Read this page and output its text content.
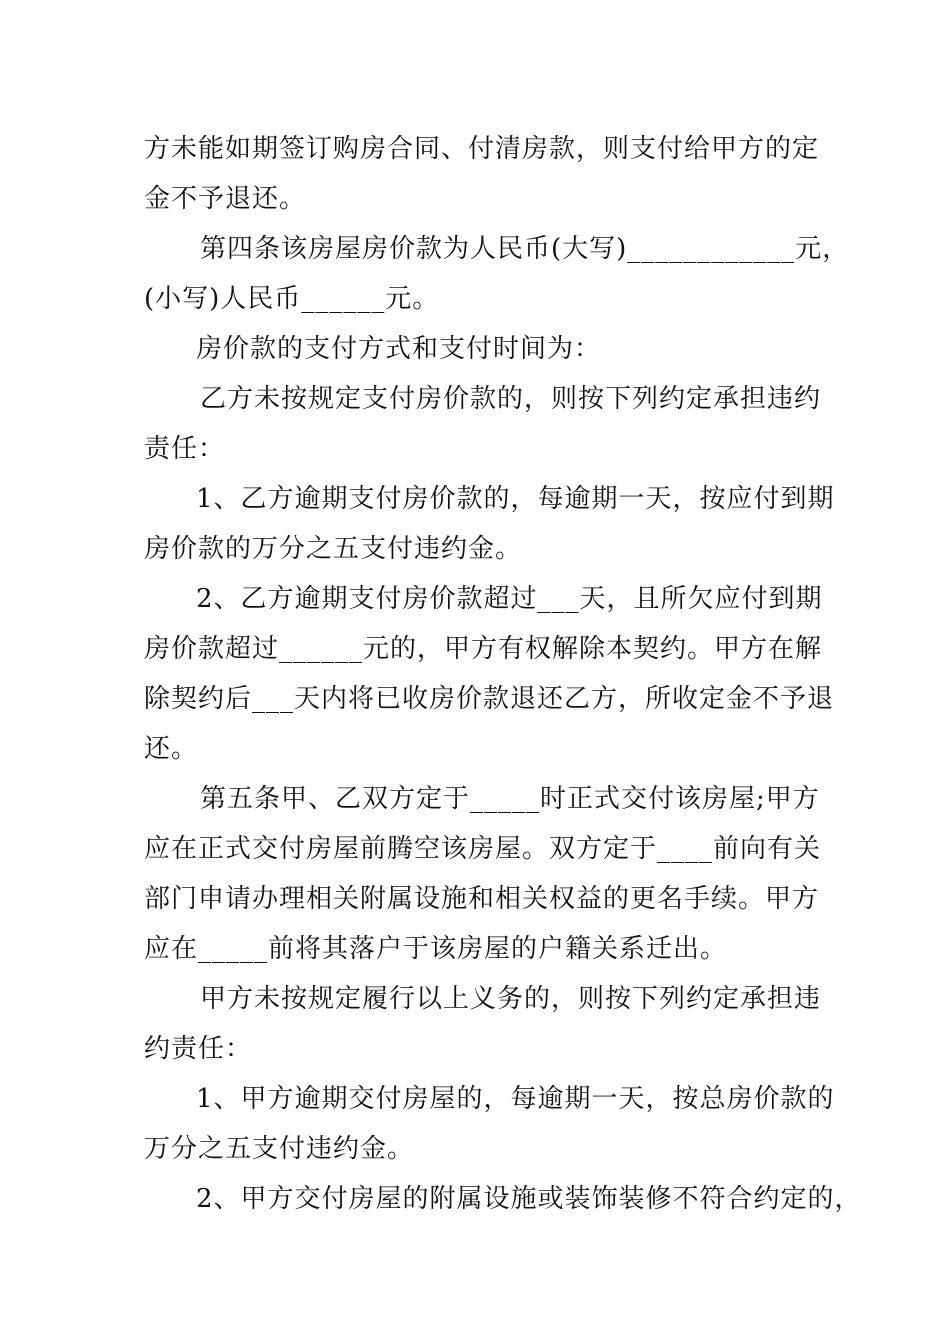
方未能如期签订购房合同、付清房款，则支付给甲方的定
金不予退还。
第四条该房屋房价款为人民币(大写)____________元，
(小写)人民币______元。
房价款的支付方式和支付时间为：
乙方未按规定支付房价款的，则按下列约定承担违约
责任：
1、乙方逾期支付房价款的，每逾期一天，按应付到期
房价款的万分之五支付违约金。
2、乙方逾期支付房价款超过___天，且所欠应付到期
房价款超过______元的，甲方有权解除本契约。甲方在解
除契约后___天内将已收房价款退还乙方，所收定金不予退
还。
第五条甲、乙双方定于_____时正式交付该房屋;甲方
应在正式交付房屋前腾空该房屋。双方定于____前向有关
部门申请办理相关附属设施和相关权益的更名手续。甲方
应在_____前将其落户于该房屋的户籍关系迁出。
甲方未按规定履行以上义务的，则按下列约定承担违
约责任：
1、甲方逾期交付房屋的，每逾期一天，按总房价款的
万分之五支付违约金。
2、甲方交付房屋的附属设施或装饰装修不符合约定的，
